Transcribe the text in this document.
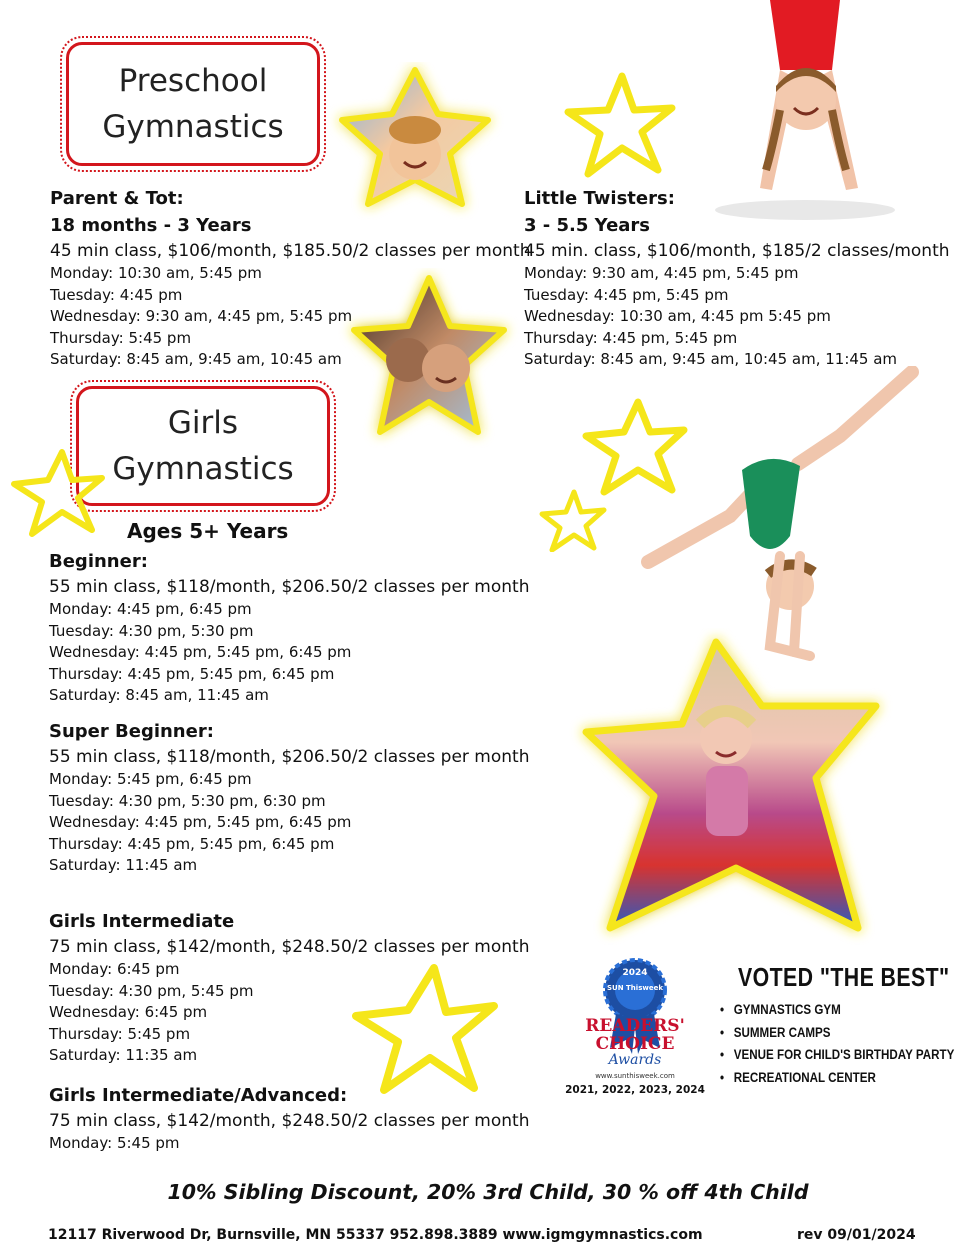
Preschool
Gymnastics
Parent & Tot:
18 months - 3 Years
45 min class, $106/month, $185.50/2 classes per month
Monday: 10:30 am, 5:45 pm
Tuesday: 4:45 pm
Wednesday: 9:30 am, 4:45 pm, 5:45 pm
Thursday: 5:45 pm
Saturday: 8:45 am, 9:45 am, 10:45 am
Little Twisters:
3 - 5.5 Years
45 min. class, $106/month, $185/2 classes/month
Monday: 9:30 am, 4:45 pm, 5:45 pm
Tuesday: 4:45 pm, 5:45 pm
Wednesday: 10:30 am, 4:45 pm 5:45 pm
Thursday: 4:45 pm, 5:45 pm
Saturday: 8:45 am, 9:45 am, 10:45 am, 11:45 am
Girls
Gymnastics
Ages 5+ Years
Beginner:
55 min class, $118/month, $206.50/2 classes per month
Monday: 4:45 pm, 6:45 pm
Tuesday: 4:30 pm, 5:30 pm
Wednesday: 4:45 pm, 5:45 pm, 6:45 pm
Thursday: 4:45 pm, 5:45 pm, 6:45 pm
Saturday: 8:45 am, 11:45 am
Super Beginner:
55 min class, $118/month, $206.50/2 classes per month
Monday: 5:45 pm, 6:45 pm
Tuesday: 4:30 pm, 5:30 pm, 6:30 pm
Wednesday: 4:45 pm, 5:45 pm, 6:45 pm
Thursday: 4:45 pm, 5:45 pm, 6:45 pm
Saturday: 11:45 am
Girls Intermediate
75 min class, $142/month, $248.50/2 classes per month
Monday: 6:45 pm
Tuesday: 4:30 pm, 5:45 pm
Wednesday: 6:45 pm
Thursday: 5:45 pm
Saturday: 11:35 am
Girls Intermediate/Advanced:
75 min class, $142/month, $248.50/2 classes per month
Monday: 5:45 pm
2024
SUN Thisweek
READERS'
CHOICE
Awards
www.sunthisweek.com
2021, 2022, 2023, 2024
VOTED "THE BEST"
• GYMNASTICS GYM
• SUMMER CAMPS
• VENUE FOR CHILD'S BIRTHDAY PARTY
• RECREATIONAL CENTER
10% Sibling Discount, 20% 3rd Child, 30 % off 4th Child
12117 Riverwood Dr, Burnsville, MN 55337 952.898.3889 www.igmgymnastics.com	rev 09/01/2024
